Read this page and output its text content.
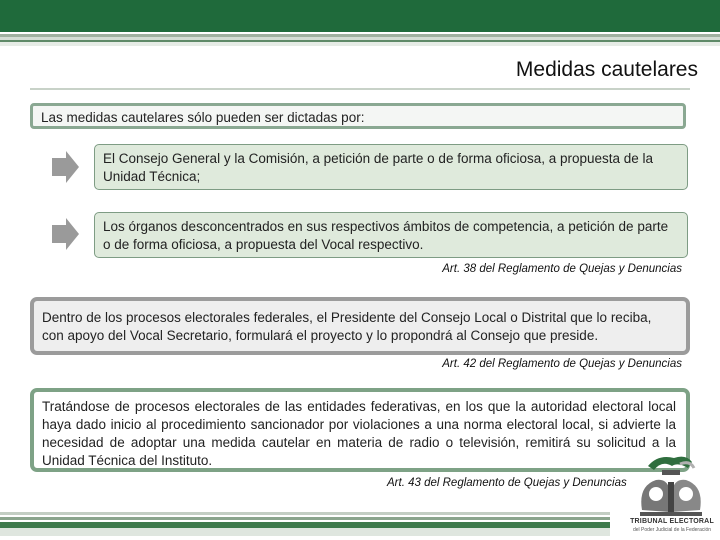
Medidas cautelares
Las medidas cautelares sólo pueden ser dictadas por:
El Consejo General y la Comisión, a petición de parte o de forma oficiosa, a propuesta de la Unidad Técnica;
Los órganos desconcentrados en sus respectivos ámbitos de competencia, a petición de parte o de forma oficiosa, a propuesta del Vocal respectivo.
Art. 38 del Reglamento de Quejas y Denuncias
Dentro de los procesos electorales federales, el Presidente del Consejo Local o Distrital que lo reciba, con apoyo del Vocal Secretario, formulará el proyecto y lo propondrá al Consejo que preside.
Art. 42 del Reglamento de Quejas y Denuncias
Tratándose de procesos electorales de las entidades federativas, en los que la autoridad electoral local haya dado inicio al procedimiento sancionador por violaciones a una norma electoral local, si advierte la necesidad de adoptar una medida cautelar en materia de radio o televisión, remitirá su solicitud a la Unidad Técnica del Instituto.
Art. 43 del Reglamento de Quejas y Denuncias
TRIBUNAL ELECTORAL
del Poder Judicial de la Federación
